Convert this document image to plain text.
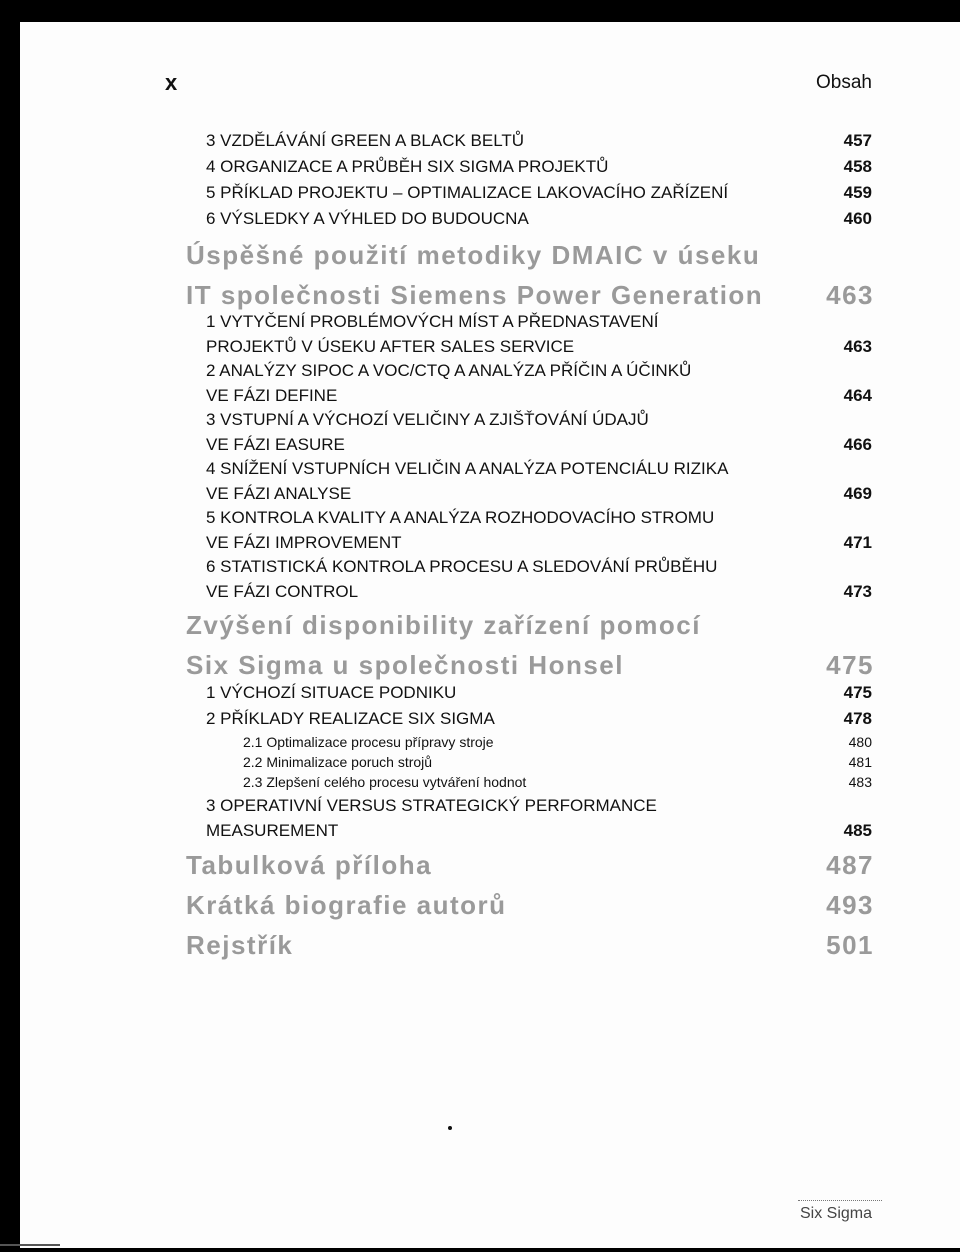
x	Obsah
3 VZDĚLÁVÁNÍ GREEN A BLACK BELTŮ	457
4 ORGANIZACE A PRŮBĚH SIX SIGMA PROJEKTŮ	458
5 PŘÍKLAD PROJEKTU – OPTIMALIZACE LAKOVACÍHO ZAŘÍZENÍ	459
6 VÝSLEDKY A VÝHLED DO BUDOUCNA	460
Úspěšné použití metodiky DMAIC v úseku
IT společnosti Siemens Power Generation 463
1 VYTYČENÍ PROBLÉMOVÝCH MÍST A PŘEDNASTAVENÍ
PROJEKTŮ V ÚSEKU AFTER SALES SERVICE	463
2 ANALÝZY SIPOC A VOC/CTQ A ANALÝZA PŘÍČIN A ÚČINKŮ
VE FÁZI DEFINE	464
3 VSTUPNÍ A VÝCHOZÍ VELIČINY A ZJIŠŤOVÁNÍ ÚDAJŮ
VE FÁZI EASURE	466
4 SNÍŽENÍ VSTUPNÍCH VELIČIN A ANALÝZA POTENCIÁLU RIZIKA
VE FÁZI ANALYSE	469
5 KONTROLA KVALITY A ANALÝZA ROZHODOVACÍHO STROMU
VE FÁZI IMPROVEMENT	471
6 STATISTICKÁ KONTROLA PROCESU A SLEDOVÁNÍ PRŮBĚHU
VE FÁZI CONTROL	473
Zvýšení disponibility zařízení pomocí
Six Sigma u společnosti Honsel	475
1 VÝCHOZÍ SITUACE PODNIKU	475
2 PŘÍKLADY REALIZACE SIX SIGMA	478
2.1 Optimalizace procesu přípravy stroje	480
2.2 Minimalizace poruch strojů	481
2.3 Zlepšení celého procesu vytváření hodnot	483
3 OPERATIVNÍ VERSUS STRATEGICKÝ PERFORMANCE
MEASUREMENT	485
Tabulková příloha	487
Krátká biografie autorů	493
Rejstřík	501
Six Sigma
